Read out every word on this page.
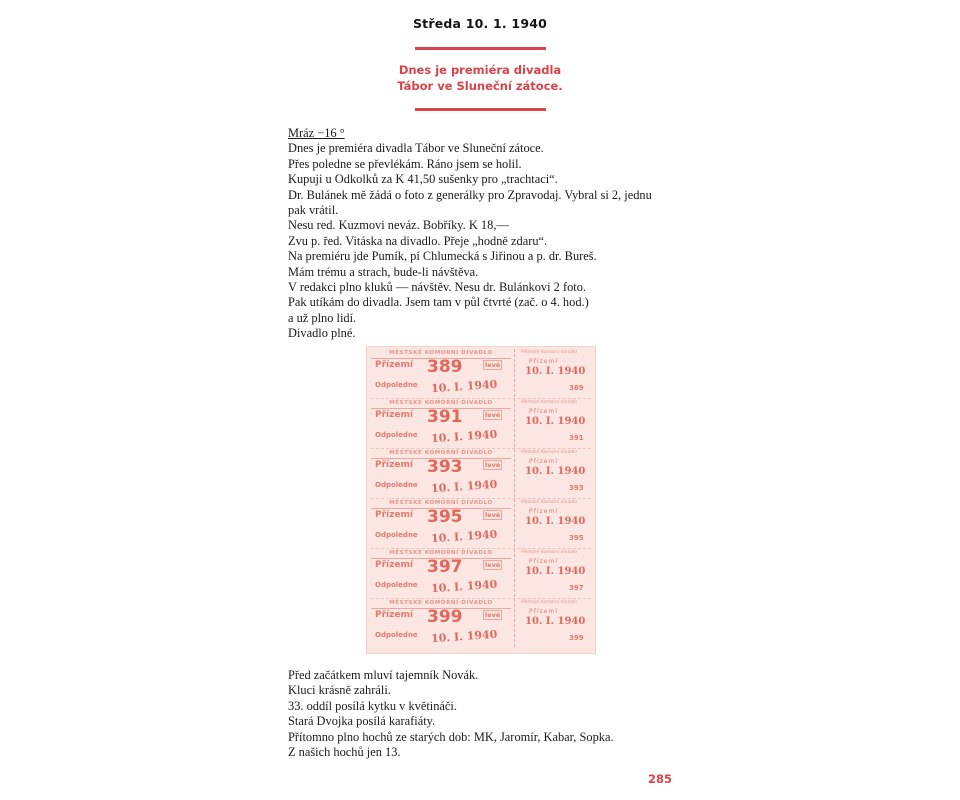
Středa 10. 1. 1940
Dnes je premiéra divadla
Tábor ve Sluneční zátoce.
Mráz −16 °
Dnes je premiéra divadla Tábor ve Sluneční zátoce.
Přes poledne se převlékám. Ráno jsem se holil.
Kupuji u Odkolků za K 41,50 sušenky pro „trachtaci“.
Dr. Bulánek mě žádá o foto z generálky pro Zpravodaj. Vybral si 2, jednu
pak vrátil.
Nesu red. Kuzmovi neváz. Bobříky. K 18,—
Zvu p. řed. Vitáska na divadlo. Přeje „hodně zdaru“.
Na premiéru jde Pumík, pí Chlumecká s Jiřinou a p. dr. Bureš.
Mám trému a strach, bude-li návštěva.
V redakci plno kluků — návštěv. Nesu dr. Bulánkovi 2 foto.
Pak utíkám do divadla. Jsem tam v půl čtvrté (zač. o 4. hod.)
a už plno lidí.
Divadlo plné.
MĚSTSKÉ KOMORNÍ DIVADLO
Přízemí 389	levé
Odpoledne 10. I. 1940
Městské Komorní divadlo
Přízemí
10. I. 1940
389
MĚSTSKÉ KOMORNÍ DIVADLO
Přízemí 391	levé
Odpoledne 10. I. 1940
Městské Komorní divadlo
Přízemí
10. I. 1940
391
MĚSTSKÉ KOMORNÍ DIVADLO
Přízemí 393	levé
Odpoledne 10. I. 1940
Městské Komorní divadlo
Přízemí
10. I. 1940
393
MĚSTSKÉ KOMORNÍ DIVADLO
Přízemí 395	levé
Odpoledne 10. I. 1940
Městské Komorní divadlo
Přízemí
10. I. 1940
395
MĚSTSKÉ KOMORNÍ DIVADLO
Přízemí 397	levé
Odpoledne 10. I. 1940
Městské Komorní divadlo
Přízemí
10. I. 1940
397
MĚSTSKÉ KOMORNÍ DIVADLO
Přízemí 399	levé
Odpoledne 10. I. 1940
Městské Komorní divadlo
Přízemí
10. I. 1940
399
Před začátkem mluví tajemník Novák.
Kluci krásně zahráli.
33. oddíl posílá kytku v květináči.
Stará Dvojka posílá karafiáty.
Přítomno plno hochů ze starých dob: MK, Jaromír, Kabar, Sopka.
Z našich hochů jen 13.
285
